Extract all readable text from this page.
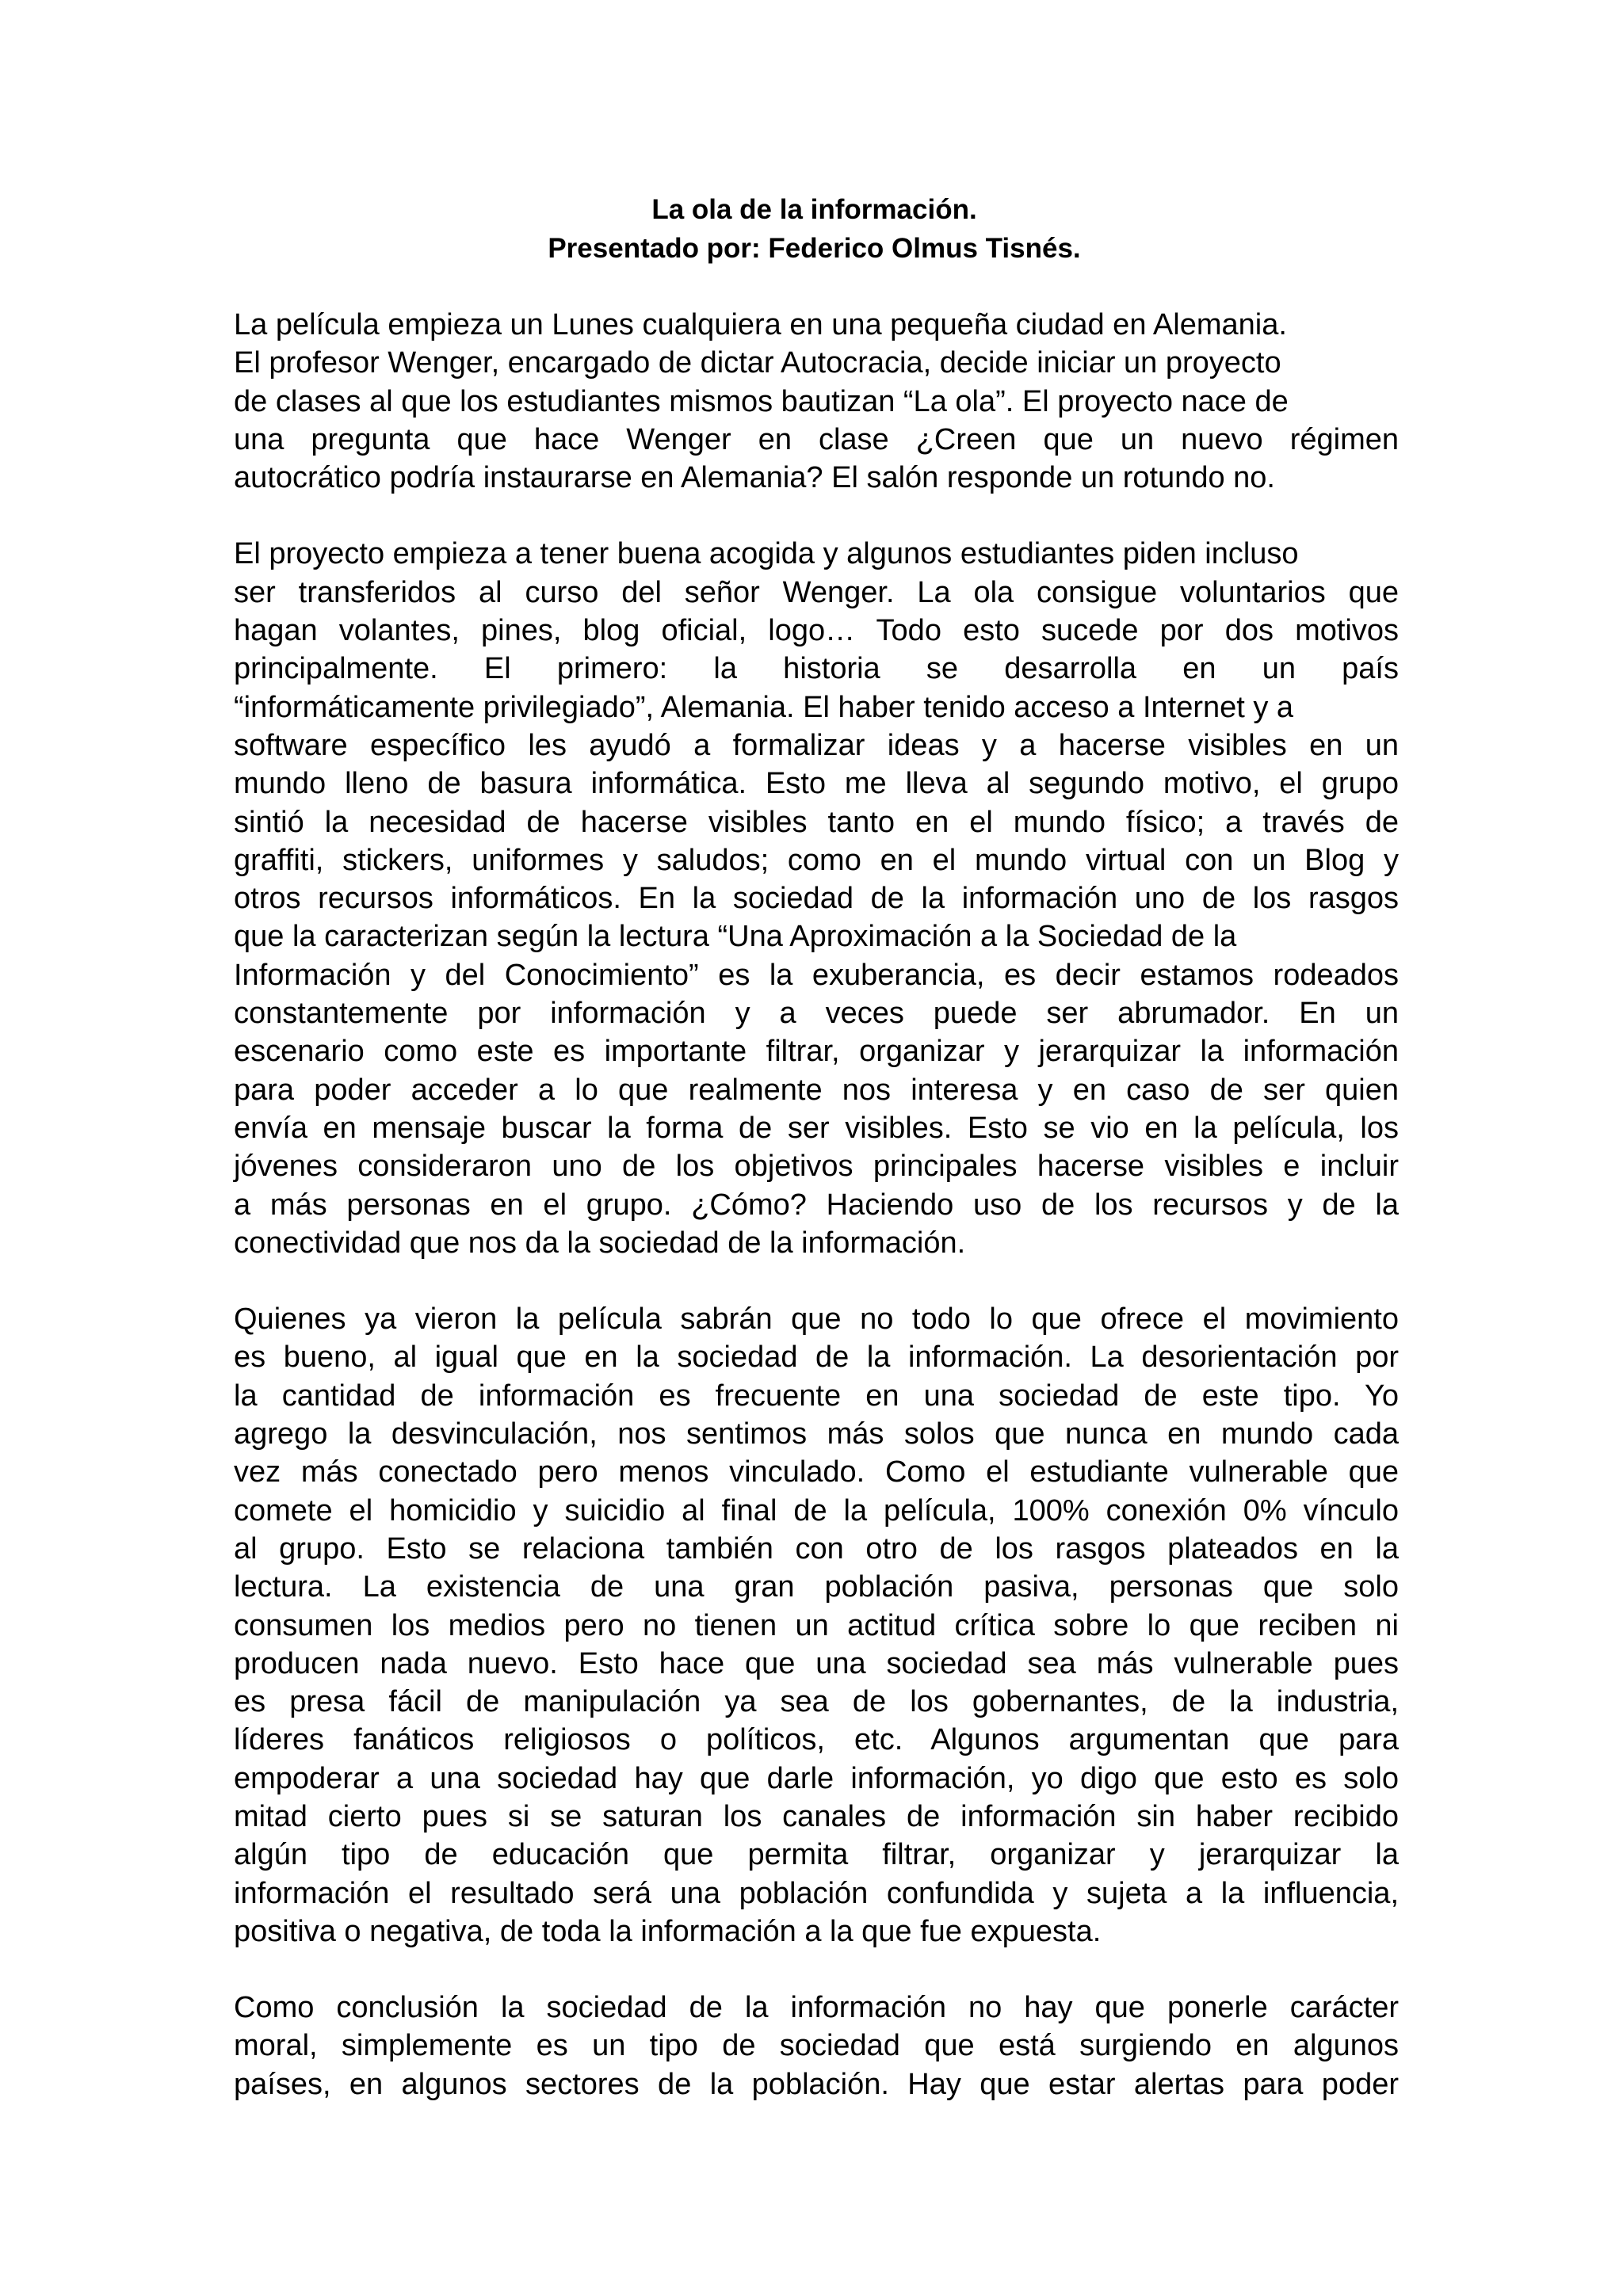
La ola de la información.
Presentado por: Federico Olmus Tisnés.
La película empieza un Lunes cualquiera en una pequeña ciudad en Alemania.
El profesor Wenger, encargado de dictar Autocracia, decide iniciar un proyecto
de clases al que los estudiantes mismos bautizan “La ola”. El proyecto nace de
una pregunta que hace Wenger en clase ¿Creen que un nuevo régimen
autocrático podría instaurarse en Alemania? El salón responde un rotundo no.
El proyecto empieza a tener buena acogida y algunos estudiantes piden incluso
ser transferidos al curso del señor Wenger. La ola consigue voluntarios que
hagan volantes, pines, blog oficial, logo… Todo esto sucede por dos motivos
principalmente. El primero: la historia se desarrolla en un país
“informáticamente privilegiado”, Alemania. El haber tenido acceso a Internet y a
software específico les ayudó a formalizar ideas y a hacerse visibles en un
mundo lleno de basura informática. Esto me lleva al segundo motivo, el grupo
sintió la necesidad de hacerse visibles tanto en el mundo físico; a través de
graffiti, stickers, uniformes y saludos; como en el mundo virtual con un Blog y
otros recursos informáticos. En la sociedad de la información uno de los rasgos
que la caracterizan según la lectura “Una Aproximación a la Sociedad de la
Información y del Conocimiento” es la exuberancia, es decir estamos rodeados
constantemente por información y a veces puede ser abrumador. En un
escenario como este es importante filtrar, organizar y jerarquizar la información
para poder acceder a lo que realmente nos interesa y en caso de ser quien
envía en mensaje buscar la forma de ser visibles. Esto se vio en la película, los
jóvenes consideraron uno de los objetivos principales hacerse visibles e incluir
a más personas en el grupo. ¿Cómo? Haciendo uso de los recursos y de la
conectividad que nos da la sociedad de la información.
Quienes ya vieron la película sabrán que no todo lo que ofrece el movimiento
es bueno, al igual que en la sociedad de la información. La desorientación por
la cantidad de información es frecuente en una sociedad de este tipo. Yo
agrego la desvinculación, nos sentimos más solos que nunca en mundo cada
vez más conectado pero menos vinculado. Como el estudiante vulnerable que
comete el homicidio y suicidio al final de la película, 100% conexión 0% vínculo
al grupo. Esto se relaciona también con otro de los rasgos plateados en la
lectura. La existencia de una gran población pasiva, personas que solo
consumen los medios pero no tienen un actitud crítica sobre lo que reciben ni
producen nada nuevo. Esto hace que una sociedad sea más vulnerable pues
es presa fácil de manipulación ya sea de los gobernantes, de la industria,
líderes fanáticos religiosos o políticos, etc. Algunos argumentan que para
empoderar a una sociedad hay que darle información, yo digo que esto es solo
mitad cierto pues si se saturan los canales de información sin haber recibido
algún tipo de educación que permita filtrar, organizar y jerarquizar la
información el resultado será una población confundida y sujeta a la influencia,
positiva o negativa, de toda la información a la que fue expuesta.
Como conclusión la sociedad de la información no hay que ponerle carácter
moral, simplemente es un tipo de sociedad que está surgiendo en algunos
países, en algunos sectores de la población. Hay que estar alertas para poder
